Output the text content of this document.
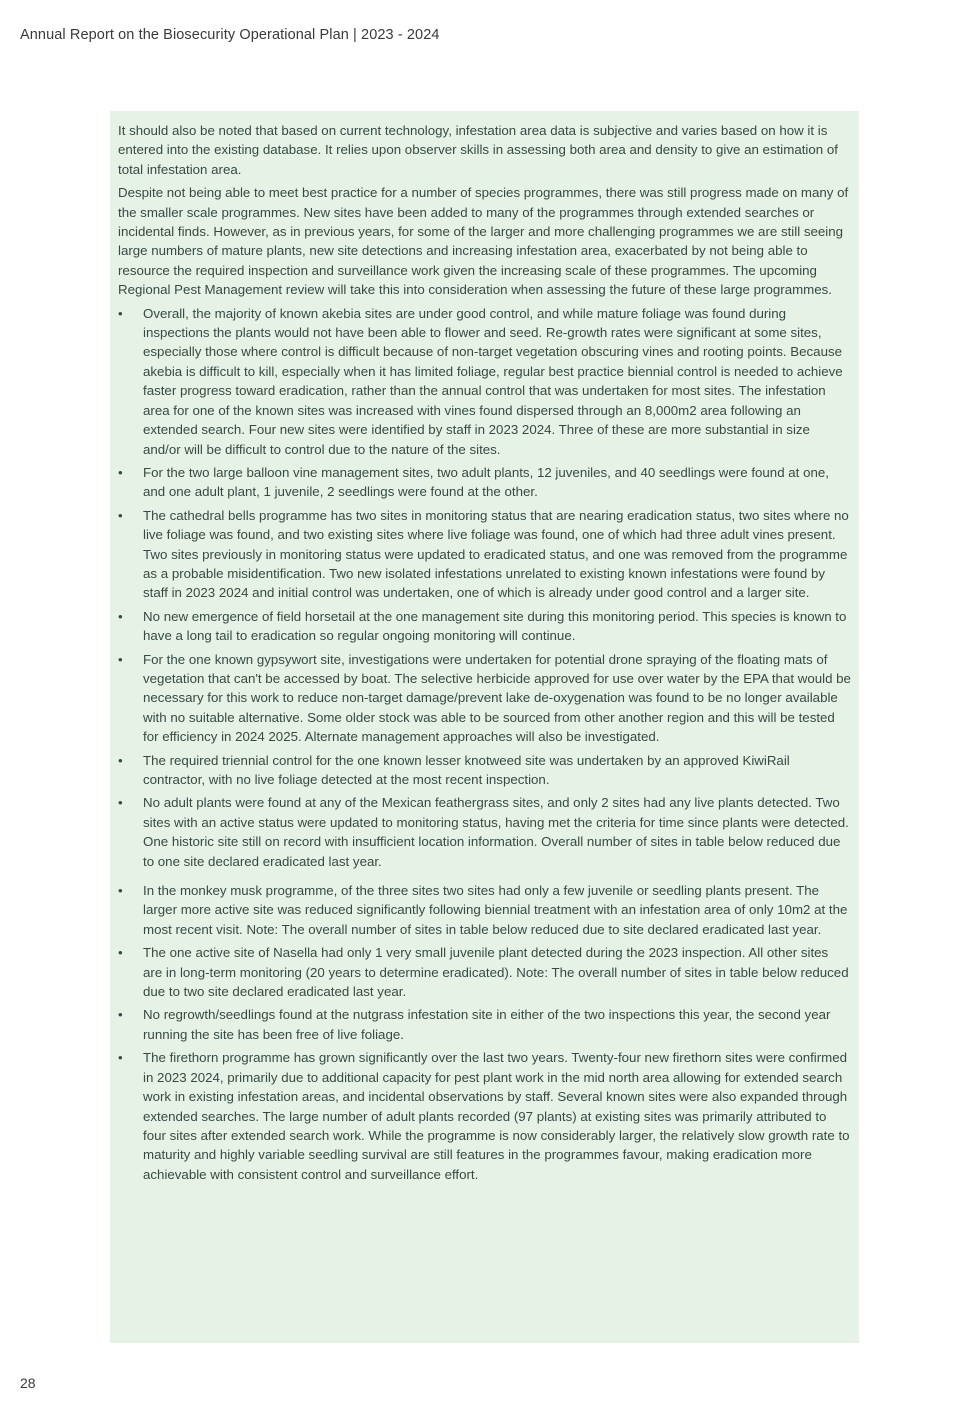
Annual Report on the Biosecurity Operational Plan | 2023 - 2024

It should also be noted that based on current technology, infestation area data is subjective and varies based on how it is entered into the existing database. It relies upon observer skills in assessing both area and density to give an estimation of total infestation area.

Despite not being able to meet best practice for a number of species programmes, there was still progress made on many of the smaller scale programmes. New sites have been added to many of the programmes through extended searches or incidental finds. However, as in previous years, for some of the larger and more challenging programmes we are still seeing large numbers of mature plants, new site detections and increasing infestation area, exacerbated by not being able to resource the required inspection and surveillance work given the increasing scale of these programmes. The upcoming Regional Pest Management review will take this into consideration when assessing the future of these large programmes.

•	Overall, the majority of known akebia sites are under good control, and while mature foliage was found during inspections the plants would not have been able to flower and seed. Re-growth rates were significant at some sites, especially those where control is difficult because of non-target vegetation obscuring vines and rooting points. Because akebia is difficult to kill, especially when it has limited foliage, regular best practice biennial control is needed to achieve faster progress toward eradication, rather than the annual control that was undertaken for most sites. The infestation area for one of the known sites was increased with vines found dispersed through an 8,000m2 area following an extended search. Four new sites were identified by staff in 2023 2024. Three of these are more substantial in size and/or will be difficult to control due to the nature of the sites.
•	For the two large balloon vine management sites, two adult plants, 12 juveniles, and 40 seedlings were found at one, and one adult plant, 1 juvenile, 2 seedlings were found at the other.
•	The cathedral bells programme has two sites in monitoring status that are nearing eradication status, two sites where no live foliage was found, and two existing sites where live foliage was found, one of which had three adult vines present. Two sites previously in monitoring status were updated to eradicated status, and one was removed from the programme as a probable misidentification. Two new isolated infestations unrelated to existing known infestations were found by staff in 2023 2024 and initial control was undertaken, one of which is already under good control and a larger site.
•	No new emergence of field horsetail at the one management site during this monitoring period. This species is known to have a long tail to eradication so regular ongoing monitoring will continue.
•	For the one known gypsywort site, investigations were undertaken for potential drone spraying of the floating mats of vegetation that can't be accessed by boat. The selective herbicide approved for use over water by the EPA that would be necessary for this work to reduce non-target damage/prevent lake de-oxygenation was found to be no longer available with no suitable alternative. Some older stock was able to be sourced from other another region and this will be tested for efficiency in 2024 2025. Alternate management approaches will also be investigated.
•	The required triennial control for the one known lesser knotweed site was undertaken by an approved KiwiRail contractor, with no live foliage detected at the most recent inspection.
•	No adult plants were found at any of the Mexican feathergrass sites, and only 2 sites had any live plants detected. Two sites with an active status were updated to monitoring status, having met the criteria for time since plants were detected. One historic site still on record with insufficient location information. Overall number of sites in table below reduced due to one site declared eradicated last year.
•	In the monkey musk programme, of the three sites two sites had only a few juvenile or seedling plants present. The larger more active site was reduced significantly following biennial treatment with an infestation area of only 10m2 at the most recent visit. Note: The overall number of sites in table below reduced due to site declared eradicated last year.
•	The one active site of Nasella had only 1 very small juvenile plant detected during the 2023 inspection. All other sites are in long-term monitoring (20 years to determine eradicated). Note: The overall number of sites in table below reduced due to two site declared eradicated last year.
•	No regrowth/seedlings found at the nutgrass infestation site in either of the two inspections this year, the second year running the site has been free of live foliage.
•	The firethorn programme has grown significantly over the last two years. Twenty-four new firethorn sites were confirmed in 2023 2024, primarily due to additional capacity for pest plant work in the mid north area allowing for extended search work in existing infestation areas, and incidental observations by staff. Several known sites were also expanded through extended searches. The large number of adult plants recorded (97 plants) at existing sites was primarily attributed to four sites after extended search work. While the programme is now considerably larger, the relatively slow growth rate to maturity and highly variable seedling survival are still features in the programmes favour, making eradication more achievable with consistent control and surveillance effort.
28
